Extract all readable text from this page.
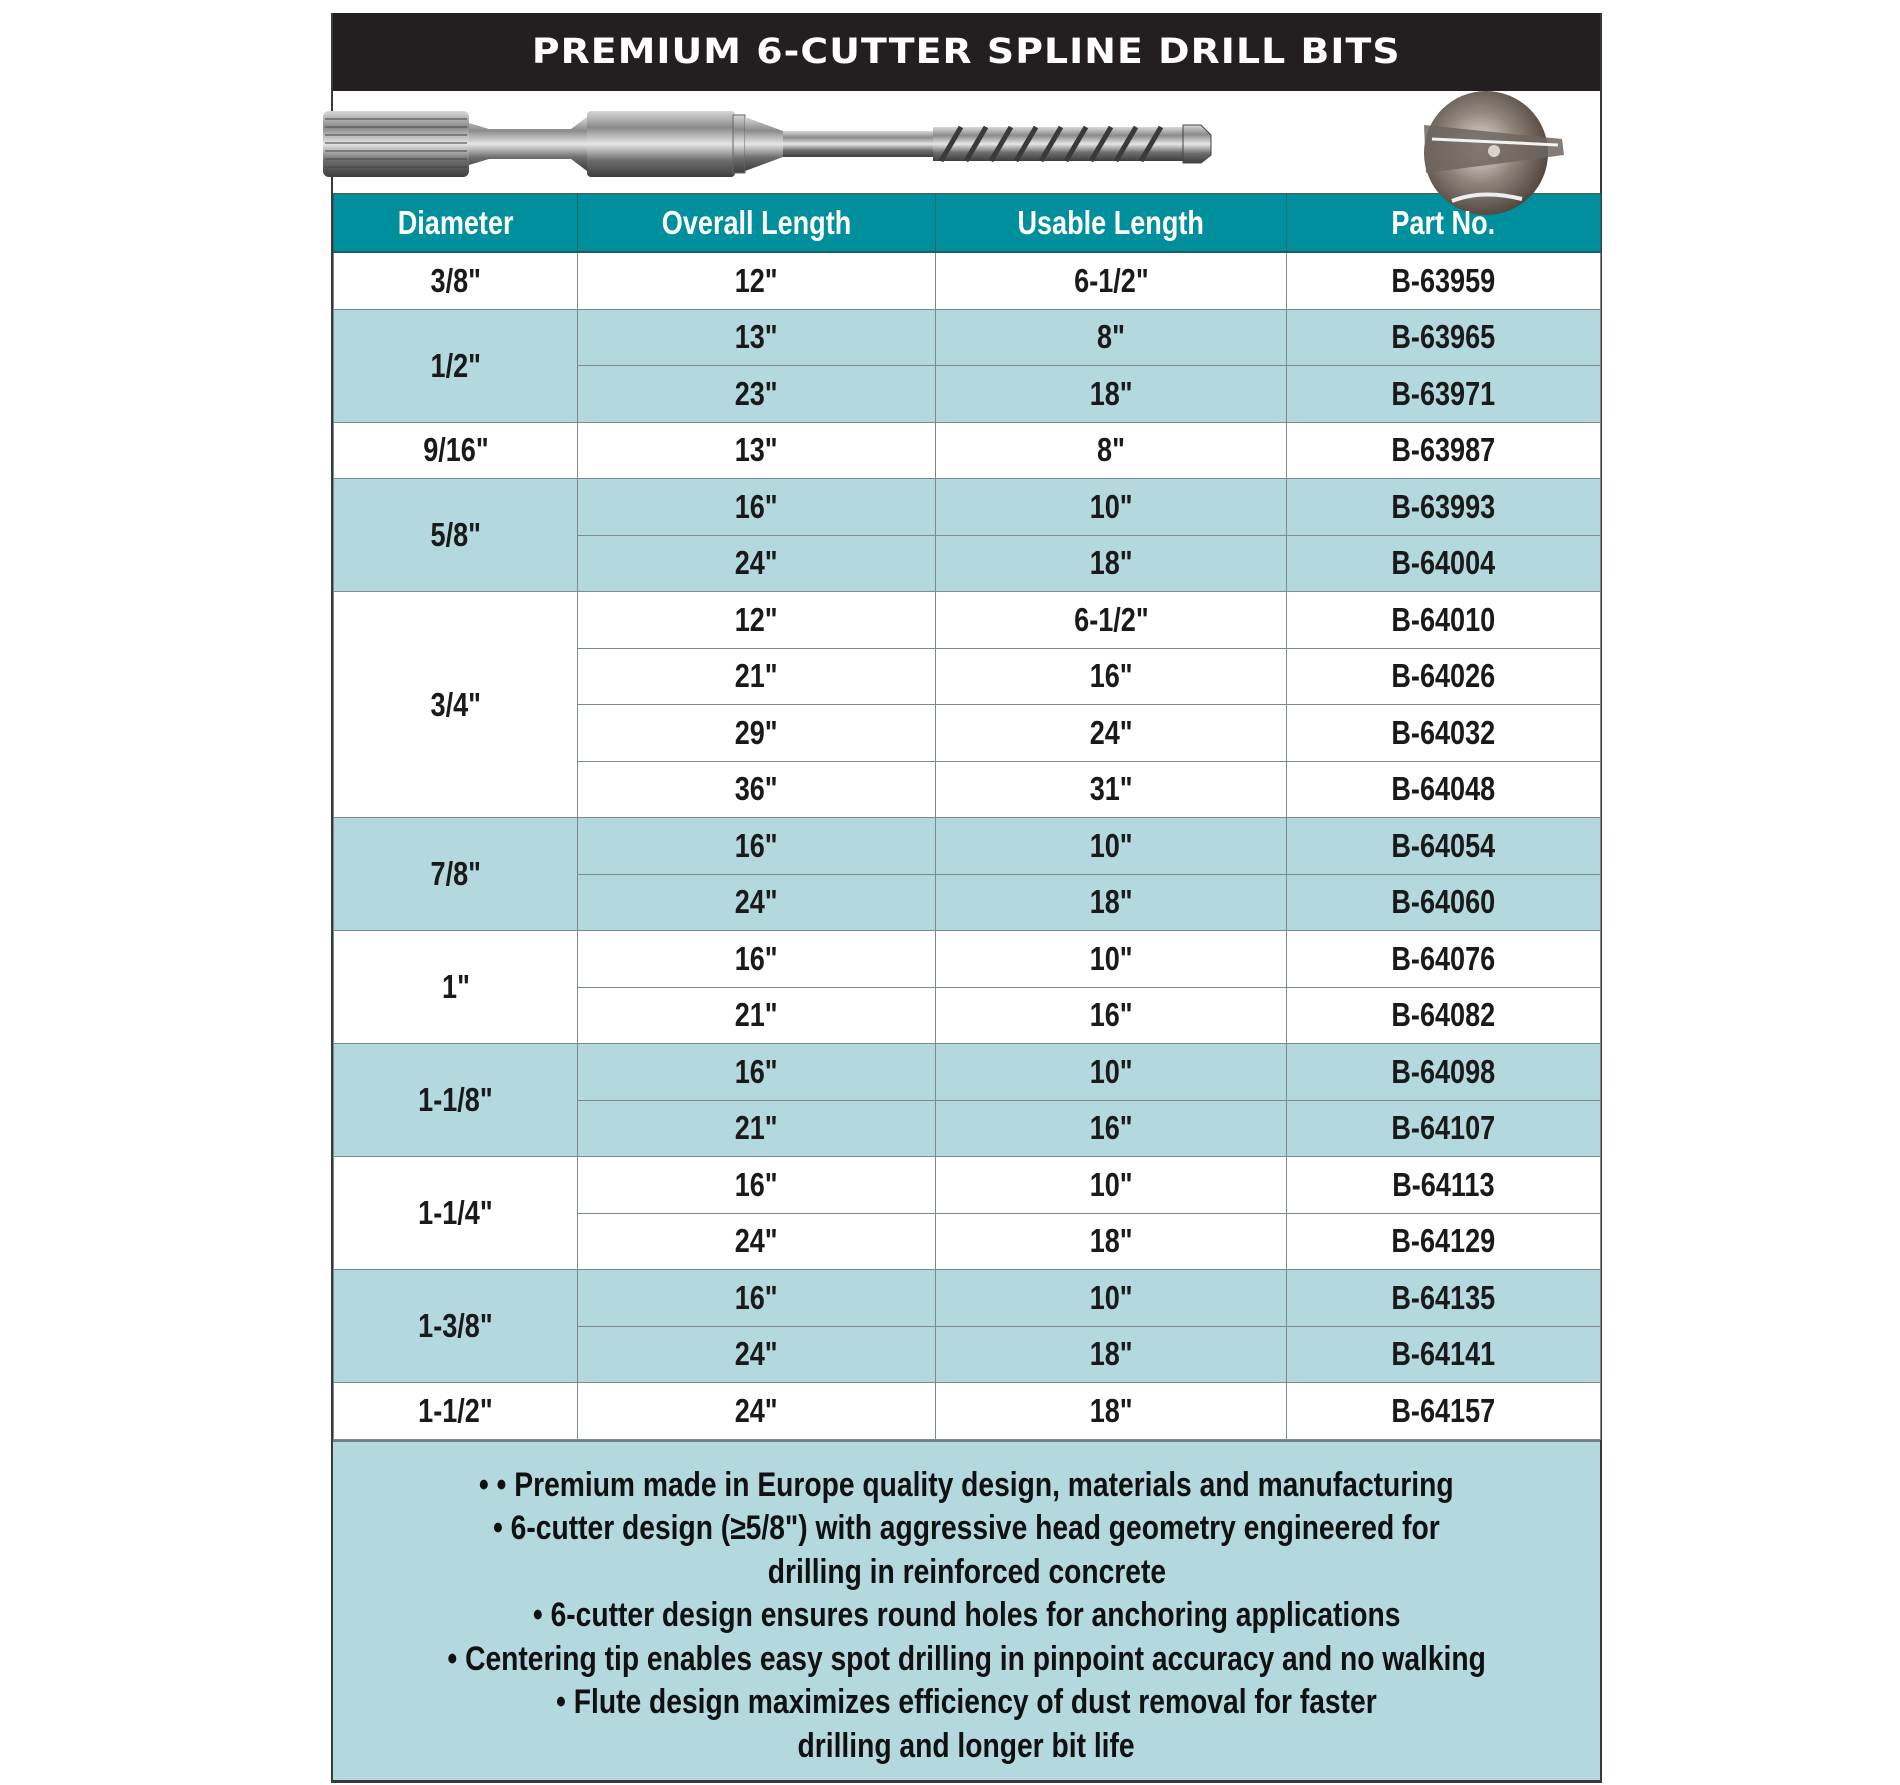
PREMIUM 6-CUTTER SPLINE DRILL BITS
Diameter	Overall Length	Usable Length	Part No.
3/8"	12"	6-1/2"	B-63959
1/2"	13"	8"	B-63965
	23"	18"	B-63971
9/16"	13"	8"	B-63987
5/8"	16"	10"	B-63993
	24"	18"	B-64004
3/4"	12"	6-1/2"	B-64010
	21"	16"	B-64026
	29"	24"	B-64032
	36"	31"	B-64048
7/8"	16"	10"	B-64054
	24"	18"	B-64060
1"	16"	10"	B-64076
	21"	16"	B-64082
1-1/8"	16"	10"	B-64098
	21"	16"	B-64107
1-1/4"	16"	10"	B-64113
	24"	18"	B-64129
1-3/8"	16"	10"	B-64135
	24"	18"	B-64141
1-1/2"	24"	18"	B-64157
• • Premium made in Europe quality design, materials and manufacturing
• 6-cutter design (≥5/8") with aggressive head geometry engineered for
drilling in reinforced concrete
• 6-cutter design ensures round holes for anchoring applications
• Centering tip enables easy spot drilling in pinpoint accuracy and no walking
• Flute design maximizes efficiency of dust removal for faster
drilling and longer bit life
